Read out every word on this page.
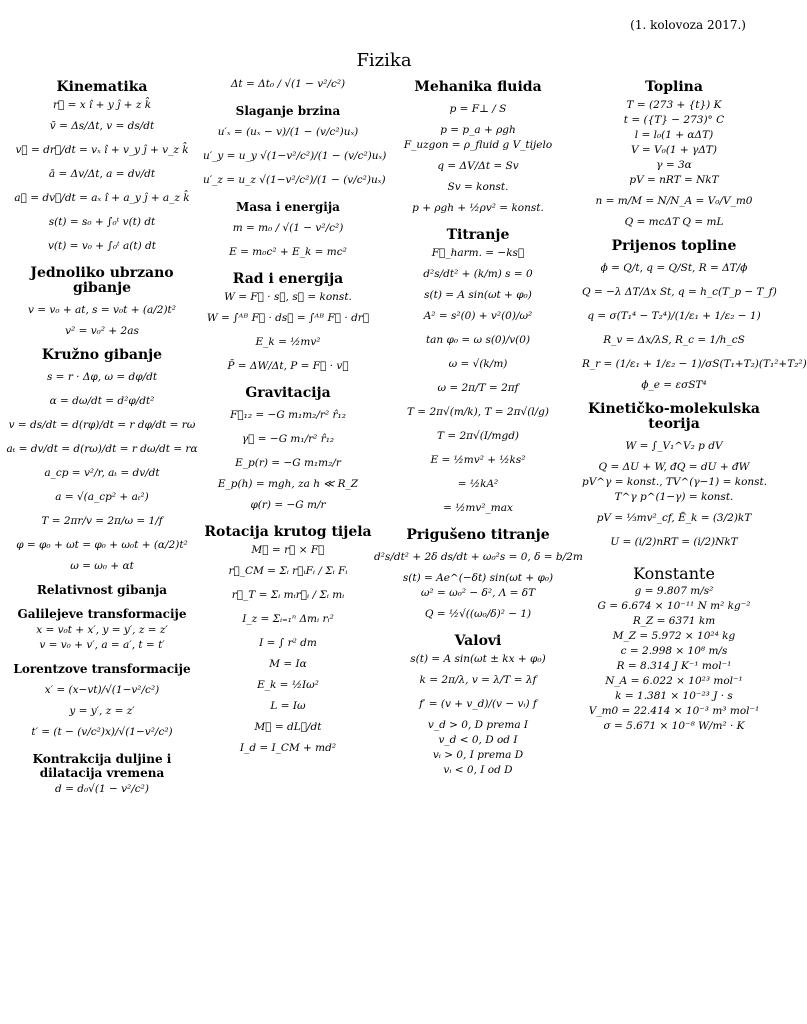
(1. kolovoza 2017.)
Fizika
Kinematika
r⃗ = x î + y ĵ + z k̂
v̄ = Δs/Δt, v = ds/dt
v⃗ = dr⃗/dt = vₓ î + v_y ĵ + v_z k̂
ā = Δv/Δt, a = dv/dt
a⃗ = dv⃗/dt = aₓ î + a_y ĵ + a_z k̂
s(t) = s₀ + ∫₀ᵗ v(t) dt
v(t) = v₀ + ∫₀ᵗ a(t) dt
Jednoliko ubrzano gibanje
v = v₀ + at, s = v₀t + (a/2)t²
v² = v₀² + 2as
Kružno gibanje
s = r · Δφ, ω = dφ/dt
α = dω/dt = d²φ/dt²
v = ds/dt = d(rφ)/dt = r dφ/dt = rω
aₜ = dv/dt = d(rω)/dt = r dω/dt = rα
a_cp = v²/r, aₜ = dv/dt
a = √(a_cp² + aₜ²)
T = 2πr/v = 2π/ω = 1/f
φ = φ₀ + ωt = φ₀ + ω₀t + (α/2)t²
ω = ω₀ + αt
Relativnost gibanja
Galilejeve transformacije
x = v₀t + x′, y = y′, z = z′
v = v₀ + v′, a = a′, t = t′
Lorentzove transformacije
x′ = (x−vt)/√(1−v²/c²)
y = y′, z = z′
t′ = (t − (v/c²)x)/√(1−v²/c²)
Kontrakcija duljine i dilatacija vremena
d = d₀√(1 − v²/c²)
Δt = Δt₀ / √(1 − v²/c²)
Slaganje brzina
u′ₓ = (uₓ − v)/(1 − (v/c²)uₓ)
u′_y = u_y √(1−v²/c²)/(1 − (v/c²)uₓ)
u′_z = u_z √(1−v²/c²)/(1 − (v/c²)uₓ)
Masa i energija
m = m₀ / √(1 − v²/c²)
E = m₀c² + E_k = mc²
Rad i energija
W = F⃗ · s⃗, s⃗ = konst.
W = ∫ᴬᴮ F⃗ · ds⃗ = ∫ᴬᴮ F⃗ · dr⃗
E_k = ½mv²
P̄ = ΔW/Δt, P = F⃗ · v⃗
Gravitacija
F⃗₁₂ = −G m₁m₂/r² r̂₁₂
γ⃗ = −G m₁/r² r̂₁₂
E_p(r) = −G m₁m₂/r
E_p(h) = mgh, za h ≪ R_Z
φ(r) = −G m/r
Rotacija krutog tijela
M⃗ = r⃗ × F⃗
r⃗_CM = Σᵢ r⃗ᵢFᵢ / Σᵢ Fᵢ
r⃗_T = Σᵢ mᵢr⃗ᵢ / Σᵢ mᵢ
I_z = Σᵢ₌₁ⁿ Δmᵢ rᵢ²
I = ∫ r² dm
M = Iα
E_k = ½Iω²
L = Iω
M⃗ = dL⃗/dt
I_d = I_CM + md²
Mehanika fluida
p = F⊥ / S
p = p_a + ρgh
F_uzgon = ρ_fluid g V_tijelo
q = ΔV/Δt = Sv
Sv = konst.
p + ρgh + ½ρv² = konst.
Titranje
F⃗_harm. = −ks⃗
d²s/dt² + (k/m) s = 0
s(t) = A sin(ωt + φ₀)
A² = s²(0) + v²(0)/ω²
tan φ₀ = ω s(0)/v(0)
ω = √(k/m)
ω = 2π/T = 2πf
T = 2π√(m/k), T = 2π√(l/g)
T = 2π√(I/mgd)
E = ½mv² + ½ks²
= ½kA²
= ½mv²_max
Prigušeno titranje
d²s/dt² + 2δ ds/dt + ω₀²s = 0, δ = b/2m
s(t) = Ae^(−δt) sin(ωt + φ₀)
ω² = ω₀² − δ², Λ = δT
Q = ½√((ω₀/δ)² − 1)
Valovi
s(t) = A sin(ωt ± kx + φ₀)
k = 2π/λ, v = λ/T = λf
f′ = (v + v_d)/(v − vᵢ) f
v_d > 0, D prema I
v_d < 0, D od I
vᵢ > 0, I prema D
vᵢ < 0, I od D
Toplina
T = (273 + {t}) K
t = ({T} − 273)° C
l = l₀(1 + αΔT)
V = V₀(1 + γΔT)
γ = 3α
pV = nRT = NkT
n = m/M = N/N_A = V₀/V_m0
Q = mcΔT Q = mL
Prijenos topline
ϕ = Q/t, q = Q/St, R = ΔT/ϕ
Q = −λ ΔT/Δx St, q = h_c(T_p − T_f)
q = σ(T₁⁴ − T₂⁴)/(1/ε₁ + 1/ε₂ − 1)
R_v = Δx/λS, R_c = 1/h_cS
R_r = (1/ε₁ + 1/ε₂ − 1)/σS(T₁+T₂)(T₁²+T₂²)
ϕ_e = εσST⁴
Kinetičko-molekulska teorija
W = ∫_V₁^V₂ p dV
Q = ΔU + W, đQ = dU + đW
pV^γ = konst., TV^(γ−1) = konst.
T^γ p^(1−γ) = konst.
pV = ⅓mv²_cf, Ē_k = (3/2)kT
U = (i/2)nRT = (i/2)NkT
Konstante
g = 9.807 m/s²
G = 6.674 × 10⁻¹¹ N m² kg⁻²
R_Z = 6371 km
M_Z = 5.972 × 10²⁴ kg
c = 2.998 × 10⁸ m/s
R = 8.314 J K⁻¹ mol⁻¹
N_A = 6.022 × 10²³ mol⁻¹
k = 1.381 × 10⁻²³ J · s
V_m0 = 22.414 × 10⁻³ m³ mol⁻¹
σ = 5.671 × 10⁻⁸ W/m² · K
